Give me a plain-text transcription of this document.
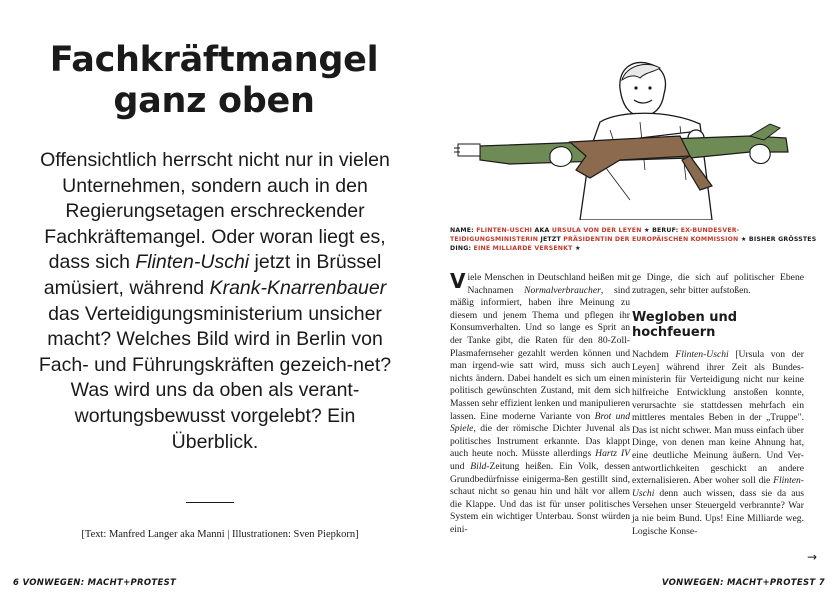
Fachkräftmangel
ganz oben

Offensichtlich herrscht nicht nur in vielen Unternehmen, sondern auch in den Regierungsetagen erschreckender Fachkräftemangel. Oder woran liegt es, dass sich Flinten-Uschi jetzt in Brüssel amüsiert, während Krank-Knarrenbauer das Verteidigungsministerium unsicher macht? Welches Bild wird in Berlin von Fach- und Führungskräften gezeich-net? Was wird uns da oben als verant-wortungsbewusst vorgelebt? Ein Überblick.

[Text: Manfred Langer aka Manni | Illustrationen: Sven Piepkorn]

6 VONWEGEN: MACHT+PROTEST
NAME: FLINTEN-USCHI AKA URSULA VON DER LEYEN ★ BERUF: EX-BUNDESVER-TEIDIGUNGSMINISTERIN JETZT PRÄSIDENTIN DER EUROPÄISCHEN KOMMISSION ★ BISHER GRÖSSTES DING: EINE MILLIARDE VERSENKT ★

Viele Menschen in Deutschland heißen mit Nachnamen Normalverbraucher, sind mäßig informiert, haben ihre Meinung zu diesem und jenem Thema und pflegen ihr Konsumverhalten. Und so lange es Sprit an der Tanke gibt, die Raten für den 80-Zoll-Plasmafernseher gezahlt werden können und man irgend-wie satt wird, muss sich auch nichts ändern. Dabei handelt es sich um einen politisch gewünschten Zustand, mit dem sich Massen sehr effizient lenken und manipulieren lassen. Eine moderne Variante von Brot und Spiele, die der römische Dichter Juvenal als politisches Instrument erkannte. Das klappt auch heute noch. Müsste allerdings Hartz IV und Bild-Zeitung heißen. Ein Volk, dessen Grundbedürfnisse einigerma-ßen gestillt sind, schaut nicht so genau hin und hält vor allem die Klappe. Und das ist für unser politisches System ein wichtiger Unterbau. Sonst würden eini-

ge Dinge, die sich auf politischer Ebene zutragen, sehr bitter aufstoßen.

Wegloben und hochfeuern

Nachdem Flinten-Uschi [Ursula von der Leyen] während ihrer Zeit als Bundes-ministerin für Verteidigung nicht nur keine hilfreiche Entwicklung anstoßen konnte, verursachte sie stattdessen mehrfach ein mittleres mentales Beben in der „Truppe". Das ist nicht schwer. Man muss einfach über Dinge, von denen man keine Ahnung hat, eine deutliche Meinung äußern. Und Ver-antwortlichkeiten geschickt an andere externalisieren. Aber woher soll die Flinten-Uschi denn auch wissen, dass sie da aus Versehen unser Steuergeld verbrannte? War ja nie beim Bund. Ups! Eine Milliarde weg. Logische Konse-

→
VONWEGEN: MACHT+PROTEST 7
